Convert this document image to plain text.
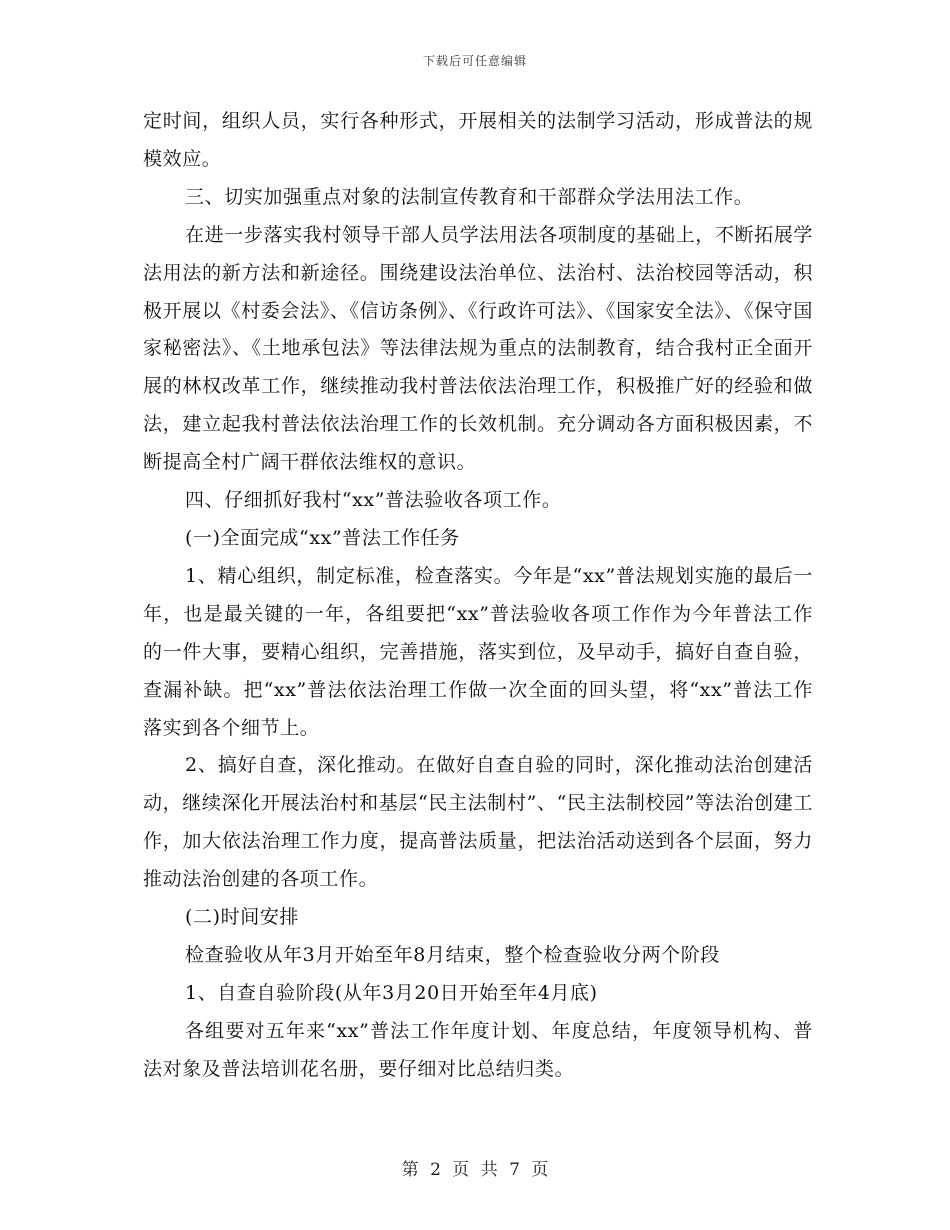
下载后可任意编辑

定时间，组织人员，实行各种形式，开展相关的法制学习活动，形成普法的规模效应。

三、切实加强重点对象的法制宣传教育和干部群众学法用法工作。

在进一步落实我村领导干部人员学法用法各项制度的基础上，不断拓展学法用法的新方法和新途径。围绕建设法治单位、法治村、法治校园等活动，积极开展以《村委会法》、《信访条例》、《行政许可法》、《国家安全法》、《保守国家秘密法》、《土地承包法》等法律法规为重点的法制教育，结合我村正全面开展的林权改革工作，继续推动我村普法依法治理工作，积极推广好的经验和做法，建立起我村普法依法治理工作的长效机制。充分调动各方面积极因素，不断提高全村广阔干群依法维权的意识。

四、仔细抓好我村“xx”普法验收各项工作。

(一)全面完成“xx”普法工作任务

1、精心组织，制定标准，检查落实。今年是“xx”普法规划实施的最后一年，也是最关键的一年，各组要把“xx”普法验收各项工作作为今年普法工作的一件大事，要精心组织，完善措施，落实到位，及早动手，搞好自查自验，查漏补缺。把“xx”普法依法治理工作做一次全面的回头望，将“xx”普法工作落实到各个细节上。

2、搞好自查，深化推动。在做好自查自验的同时，深化推动法治创建活动，继续深化开展法治村和基层“民主法制村”、“民主法制校园”等法治创建工作，加大依法治理工作力度，提高普法质量，把法治活动送到各个层面，努力推动法治创建的各项工作。

(二)时间安排

检查验收从年3月开始至年8月结束，整个检查验收分两个阶段

1、自查自验阶段(从年3月20日开始至年4月底)

各组要对五年来“xx”普法工作年度计划、年度总结，年度领导机构、普法对象及普法培训花名册，要仔细对比总结归类。

第 2 页 共 7 页
